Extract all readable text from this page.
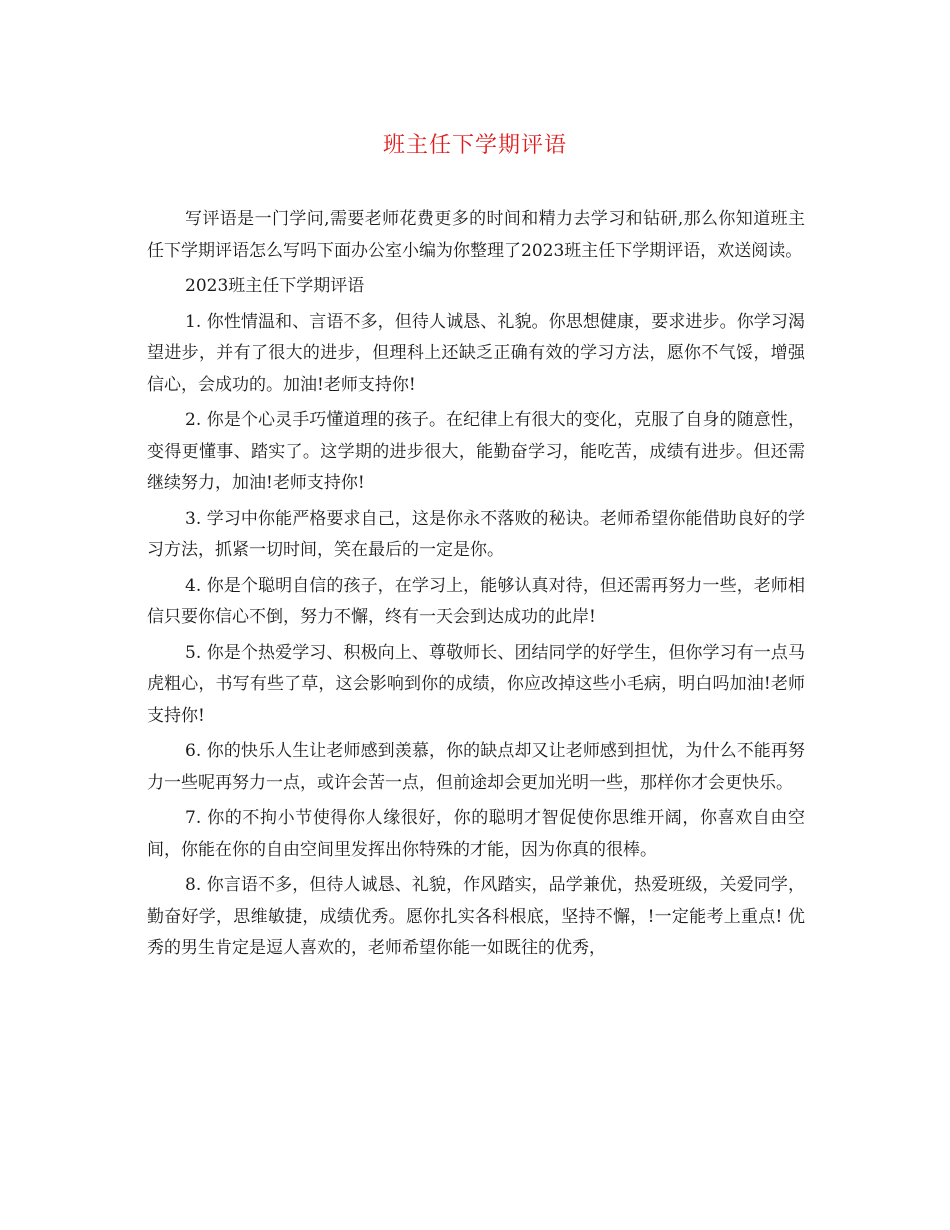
班主任下学期评语

写评语是一门学问,需要老师花费更多的时间和精力去学习和钻研,那么你知道班主任下学期评语怎么写吗下面办公室小编为你整理了2023班主任下学期评语，欢送阅读。

2023班主任下学期评语

1. 你性情温和、言语不多，但待人诚恳、礼貌。你思想健康，要求进步。你学习渴望进步，并有了很大的进步，但理科上还缺乏正确有效的学习方法，愿你不气馁，增强信心，会成功的。加油!老师支持你!

2. 你是个心灵手巧懂道理的孩子。在纪律上有很大的变化，克服了自身的随意性，变得更懂事、踏实了。这学期的进步很大，能勤奋学习，能吃苦，成绩有进步。但还需继续努力，加油!老师支持你!

3. 学习中你能严格要求自己，这是你永不落败的秘诀。老师希望你能借助良好的学习方法，抓紧一切时间，笑在最后的一定是你。

4. 你是个聪明自信的孩子，在学习上，能够认真对待，但还需再努力一些，老师相信只要你信心不倒，努力不懈，终有一天会到达成功的此岸!

5. 你是个热爱学习、积极向上、尊敬师长、团结同学的好学生，但你学习有一点马虎粗心，书写有些了草，这会影响到你的成绩，你应改掉这些小毛病，明白吗加油!老师支持你!

6. 你的快乐人生让老师感到羡慕，你的缺点却又让老师感到担忧，为什么不能再努力一些呢再努力一点，或许会苦一点，但前途却会更加光明一些，那样你才会更快乐。

7. 你的不拘小节使得你人缘很好，你的聪明才智促使你思维开阔，你喜欢自由空间，你能在你的自由空间里发挥出你特殊的才能，因为你真的很棒。

8. 你言语不多，但待人诚恳、礼貌，作风踏实，品学兼优，热爱班级，关爱同学，勤奋好学，思维敏捷，成绩优秀。愿你扎实各科根底，坚持不懈，!一定能考上重点! 优秀的男生肯定是逗人喜欢的，老师希望你能一如既往的优秀，
